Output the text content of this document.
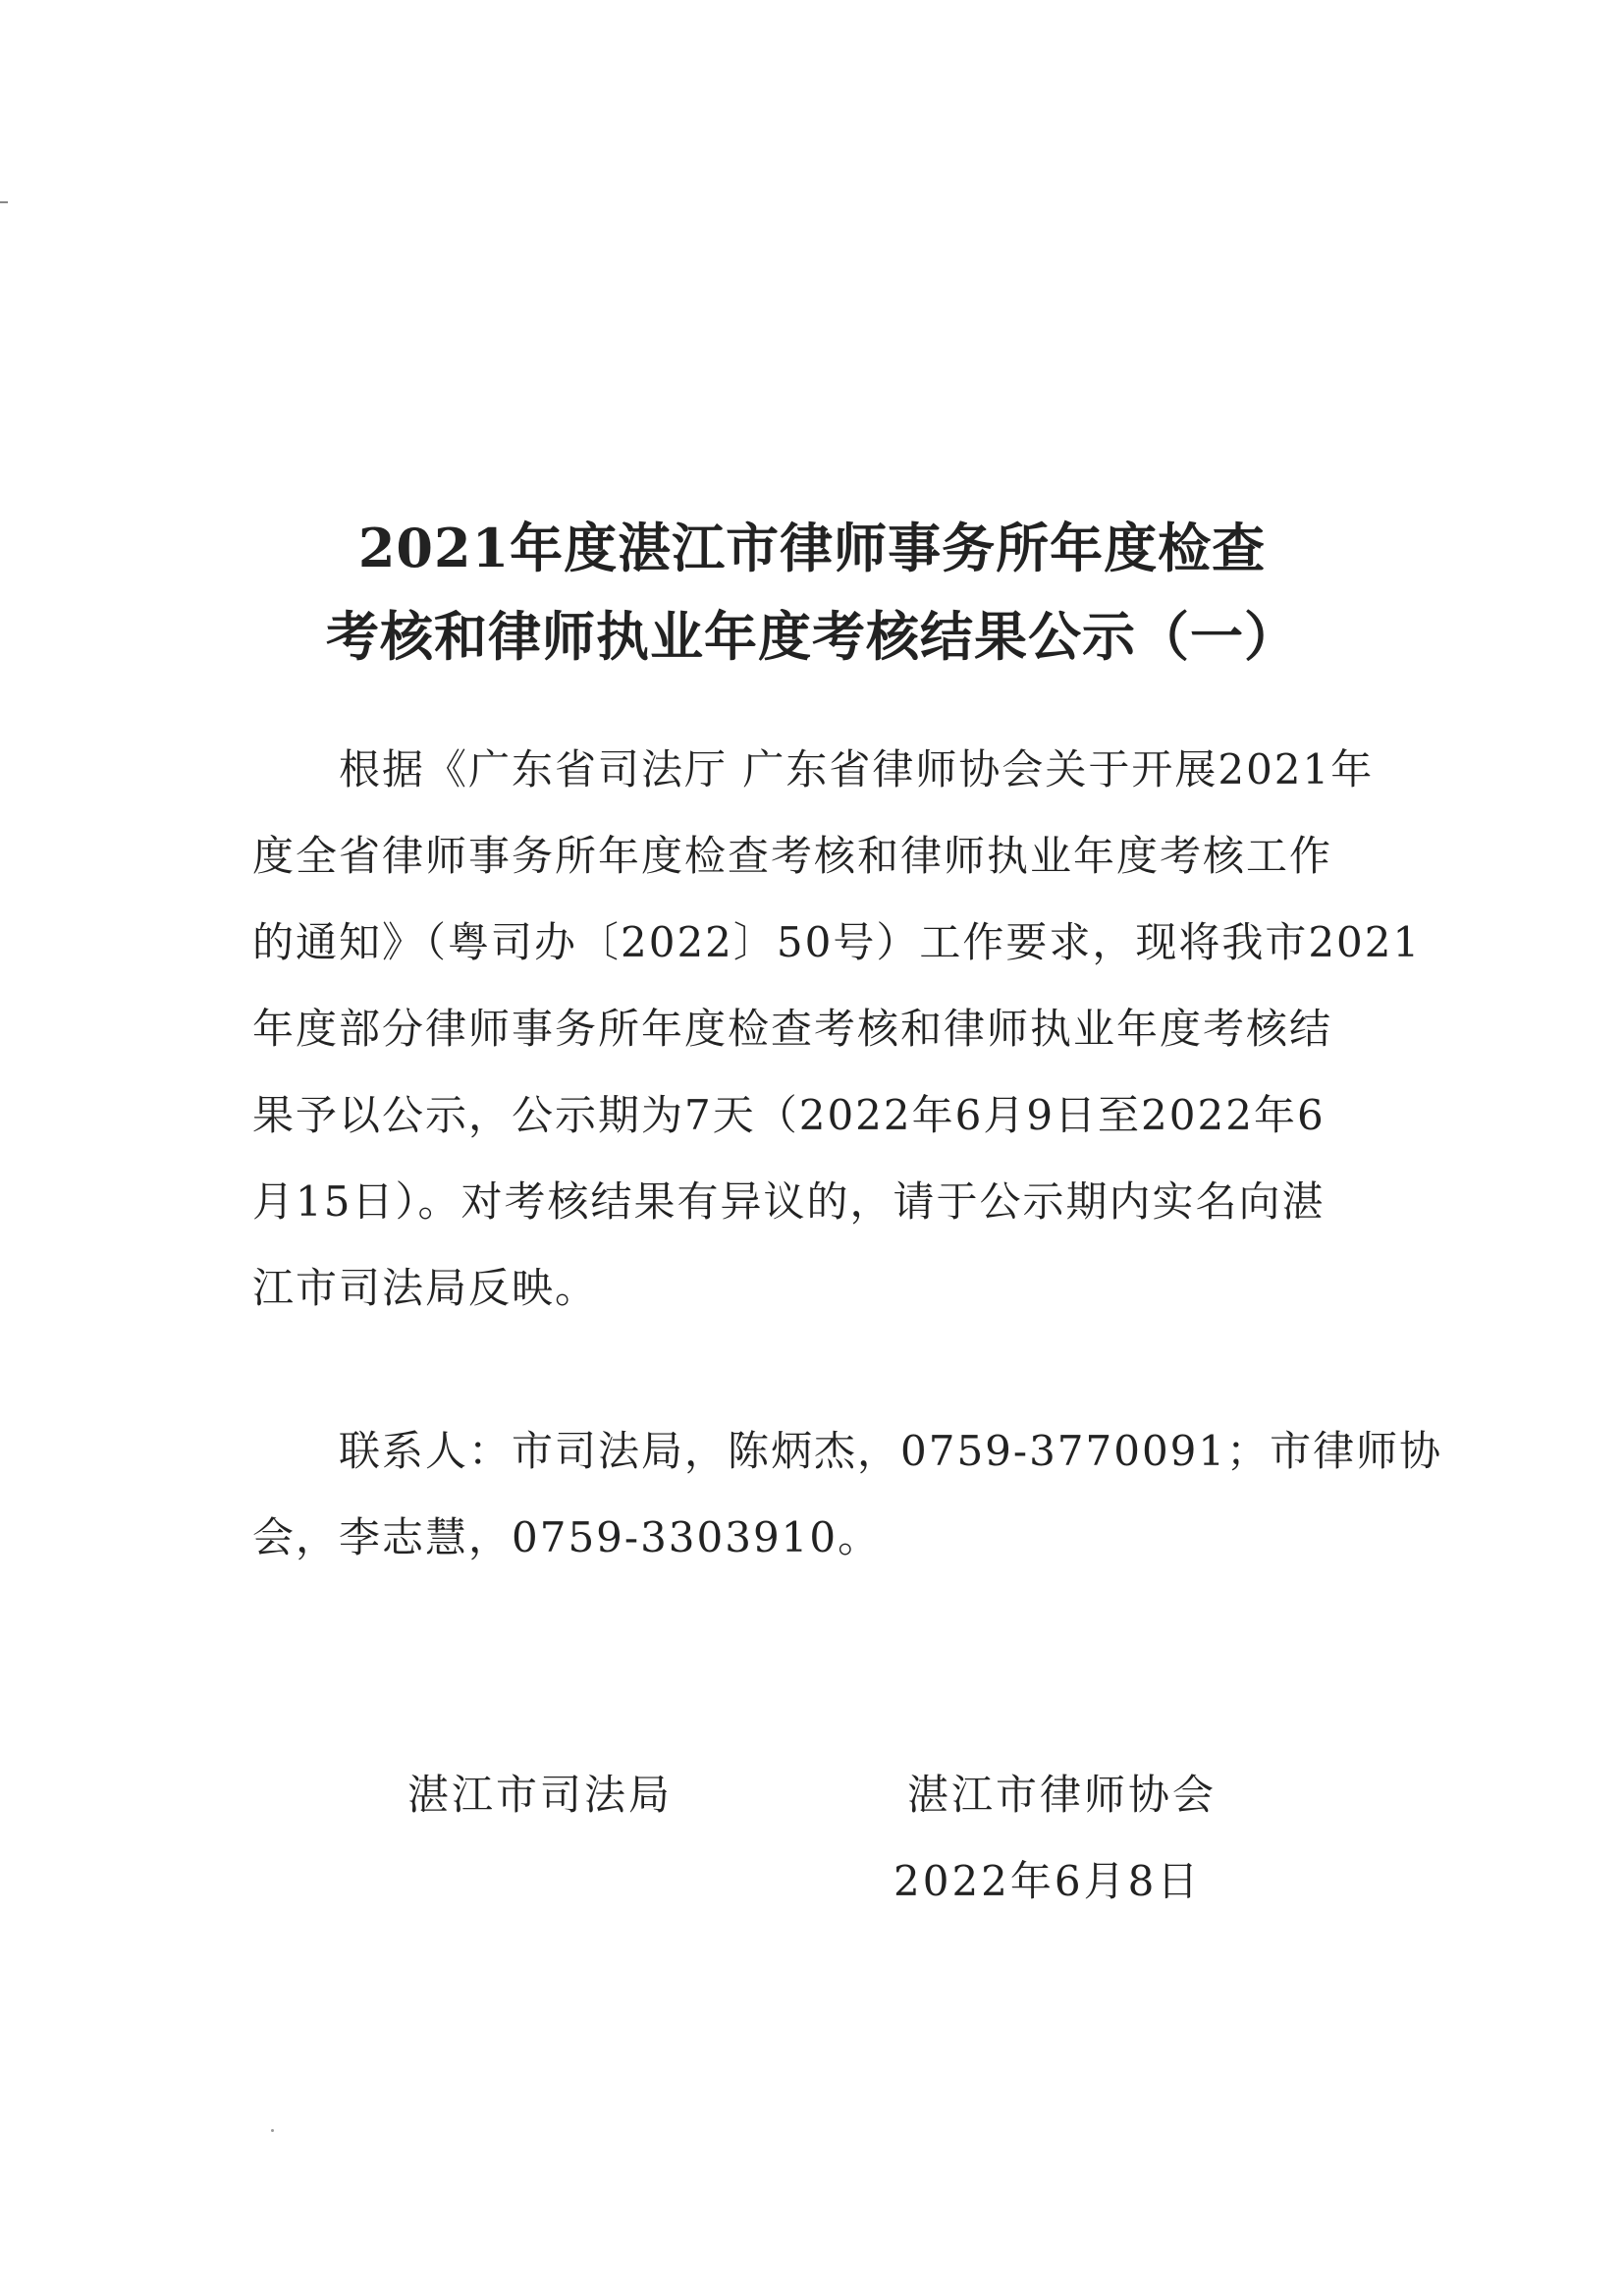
2021年度湛江市律师事务所年度检查
考核和律师执业年度考核结果公示（一）
　　根据《广东省司法厅 广东省律师协会关于开展2021年
度全省律师事务所年度检查考核和律师执业年度考核工作
的通知》（粤司办〔2022〕50号）工作要求，现将我市2021
年度部分律师事务所年度检查考核和律师执业年度考核结
果予以公示，公示期为7天（2022年6月9日至2022年6
月15日）。对考核结果有异议的，请于公示期内实名向湛
江市司法局反映。
　　联系人：市司法局，陈炳杰，0759-3770091；市律师协
会，李志慧，0759-3303910。
湛江市司法局	湛江市律师协会
2022年6月8日
